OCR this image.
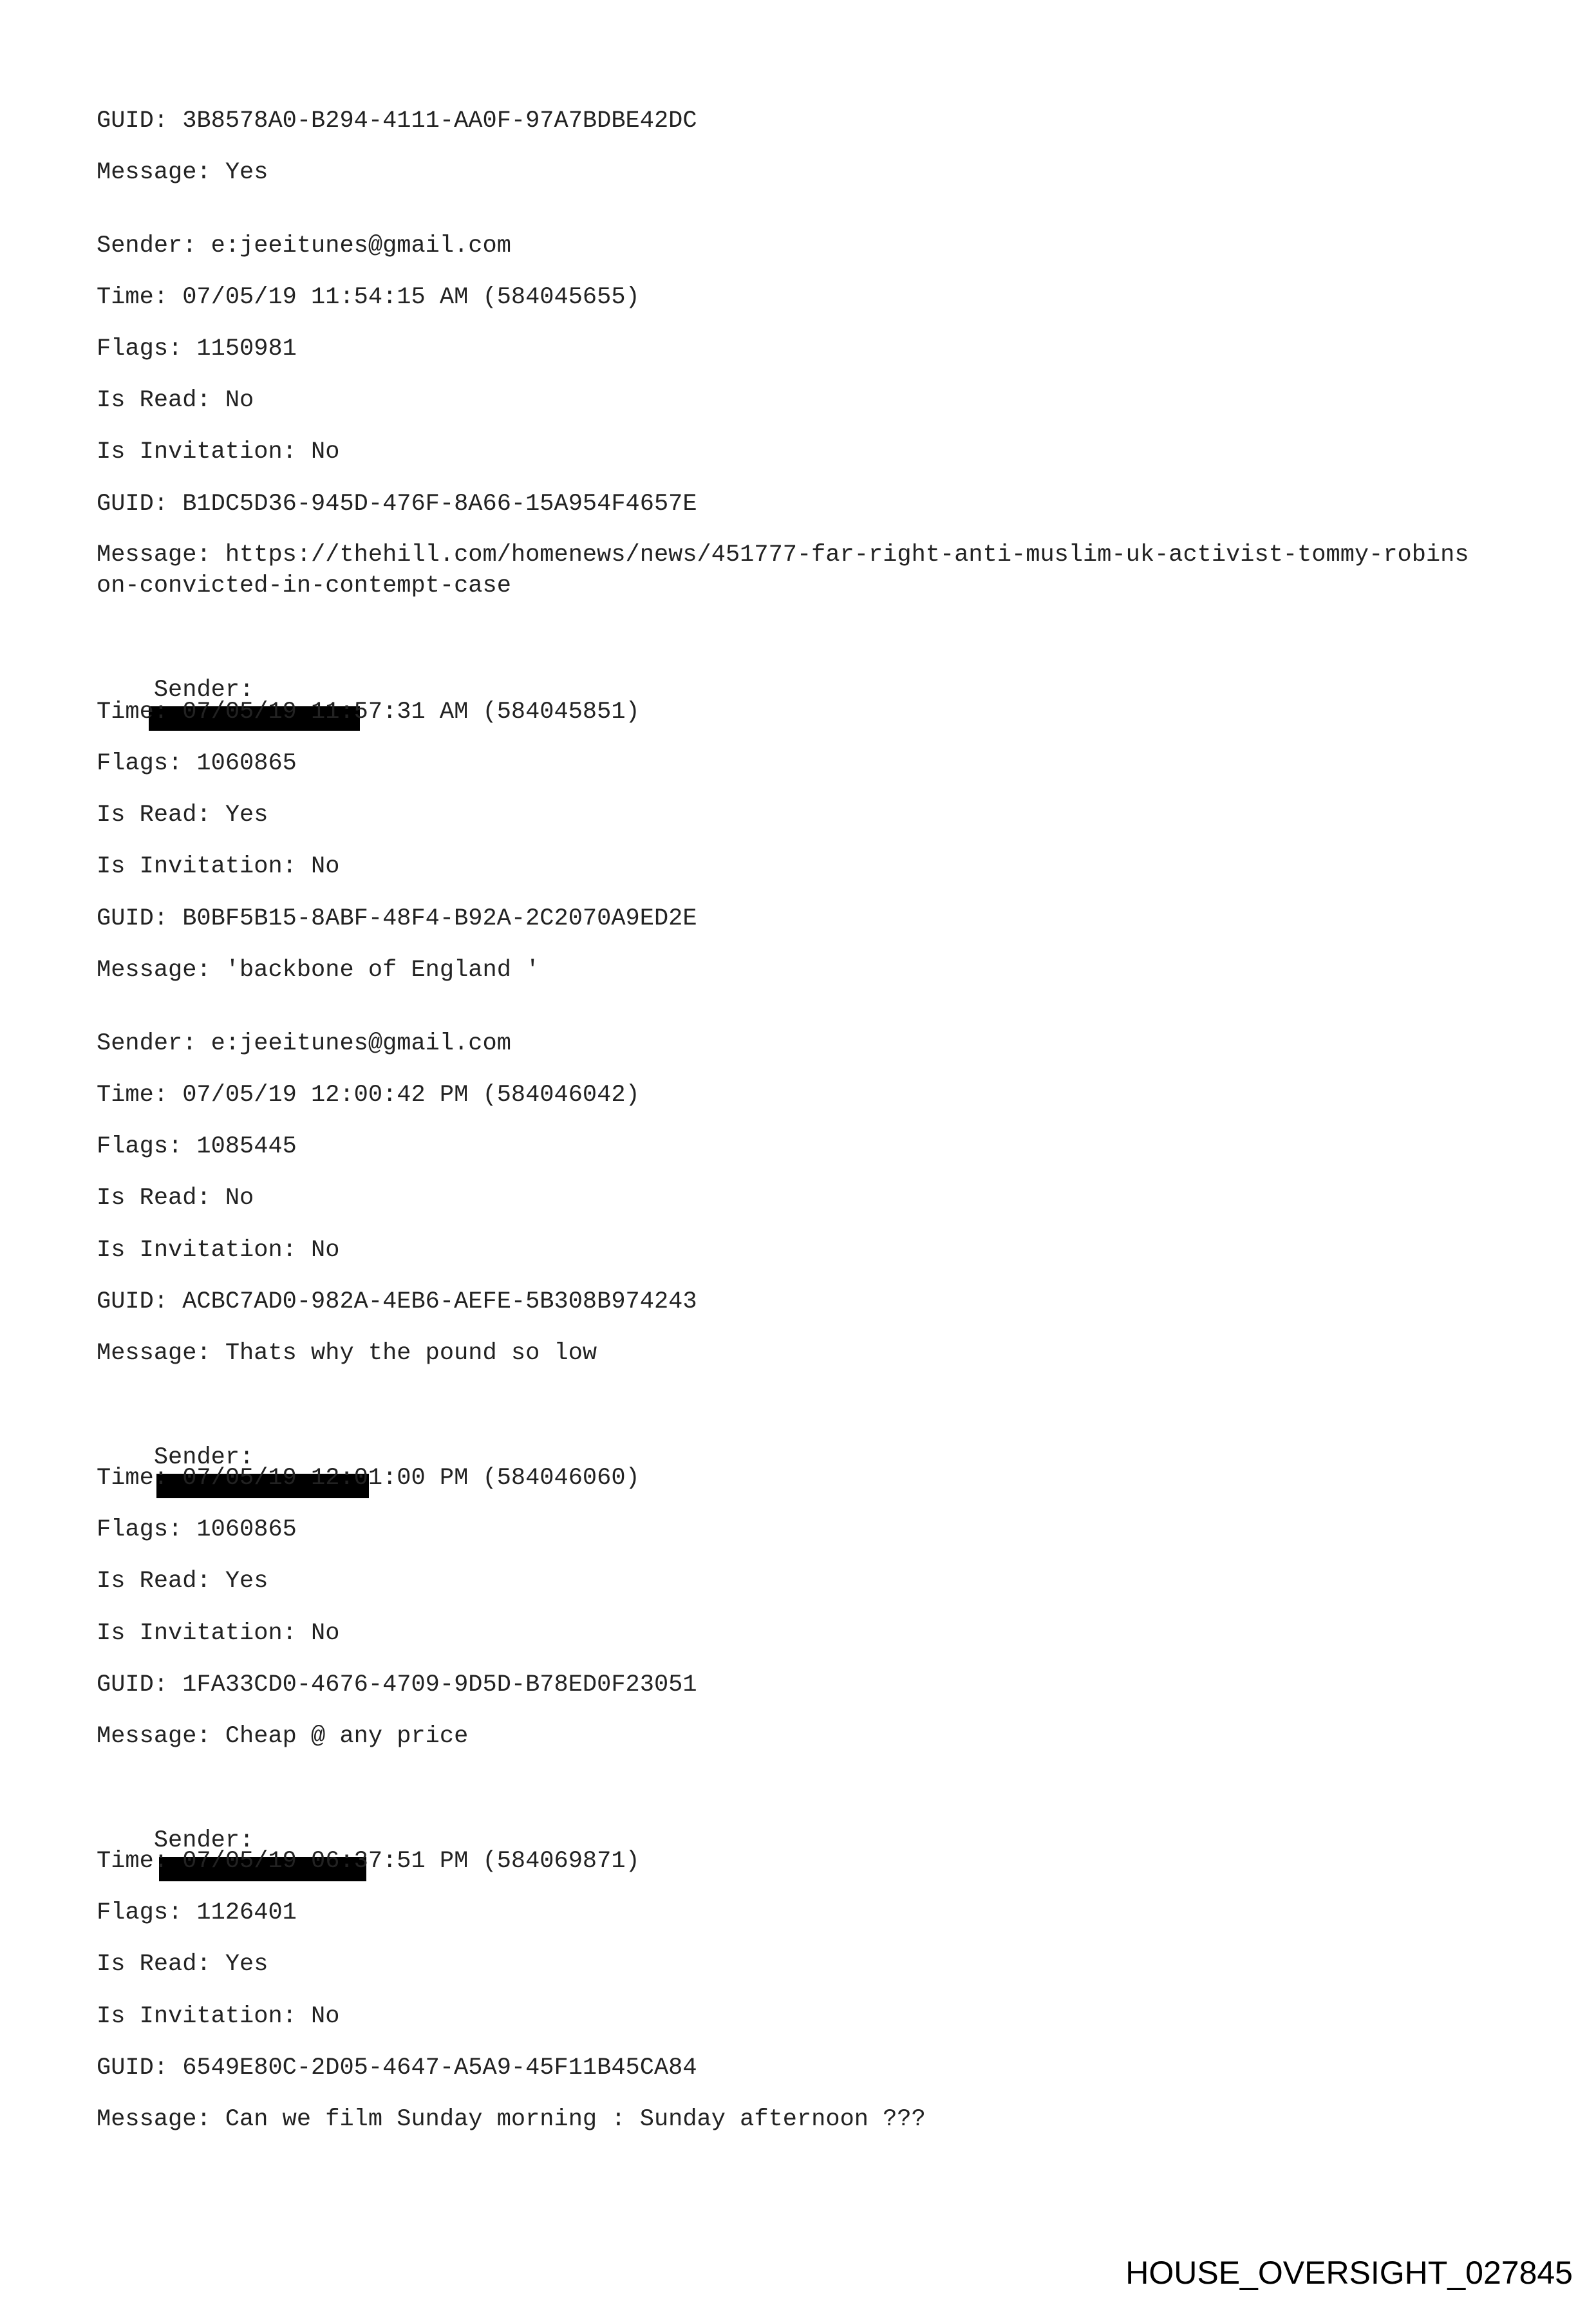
GUID: 3B8578A0-B294-4111-AA0F-97A7BDBE42DC
Message: Yes
Sender: e:jeeitunes@gmail.com
Time: 07/05/19 11:54:15 AM (584045655)
Flags: 1150981
Is Read: No
Is Invitation: No
GUID: B1DC5D36-945D-476F-8A66-15A954F4657E
Message: https://thehill.com/homenews/news/451777-far-right-anti-muslim-uk-activist-tommy-robinson-convicted-in-contempt-case

Sender:

Time: 07/05/19 11:57:31 AM (584045851)
Flags: 1060865
Is Read: Yes
Is Invitation: No
GUID: B0BF5B15-8ABF-48F4-B92A-2C2070A9ED2E
Message: 'backbone of England '
Sender: e:jeeitunes@gmail.com
Time: 07/05/19 12:00:42 PM (584046042)
Flags: 1085445
Is Read: No
Is Invitation: No
GUID: ACBC7AD0-982A-4EB6-AEFE-5B308B974243
Message: Thats why the pound so low

Sender:

Time: 07/05/19 12:01:00 PM (584046060)
Flags: 1060865
Is Read: Yes
Is Invitation: No
GUID: 1FA33CD0-4676-4709-9D5D-B78ED0F23051
Message: Cheap @ any price

Sender:

Time: 07/05/19 06:37:51 PM (584069871)
Flags: 1126401
Is Read: Yes
Is Invitation: No
GUID: 6549E80C-2D05-4647-A5A9-45F11B45CA84
Message: Can we film Sunday morning : Sunday afternoon ???
HOUSE_OVERSIGHT_027845
